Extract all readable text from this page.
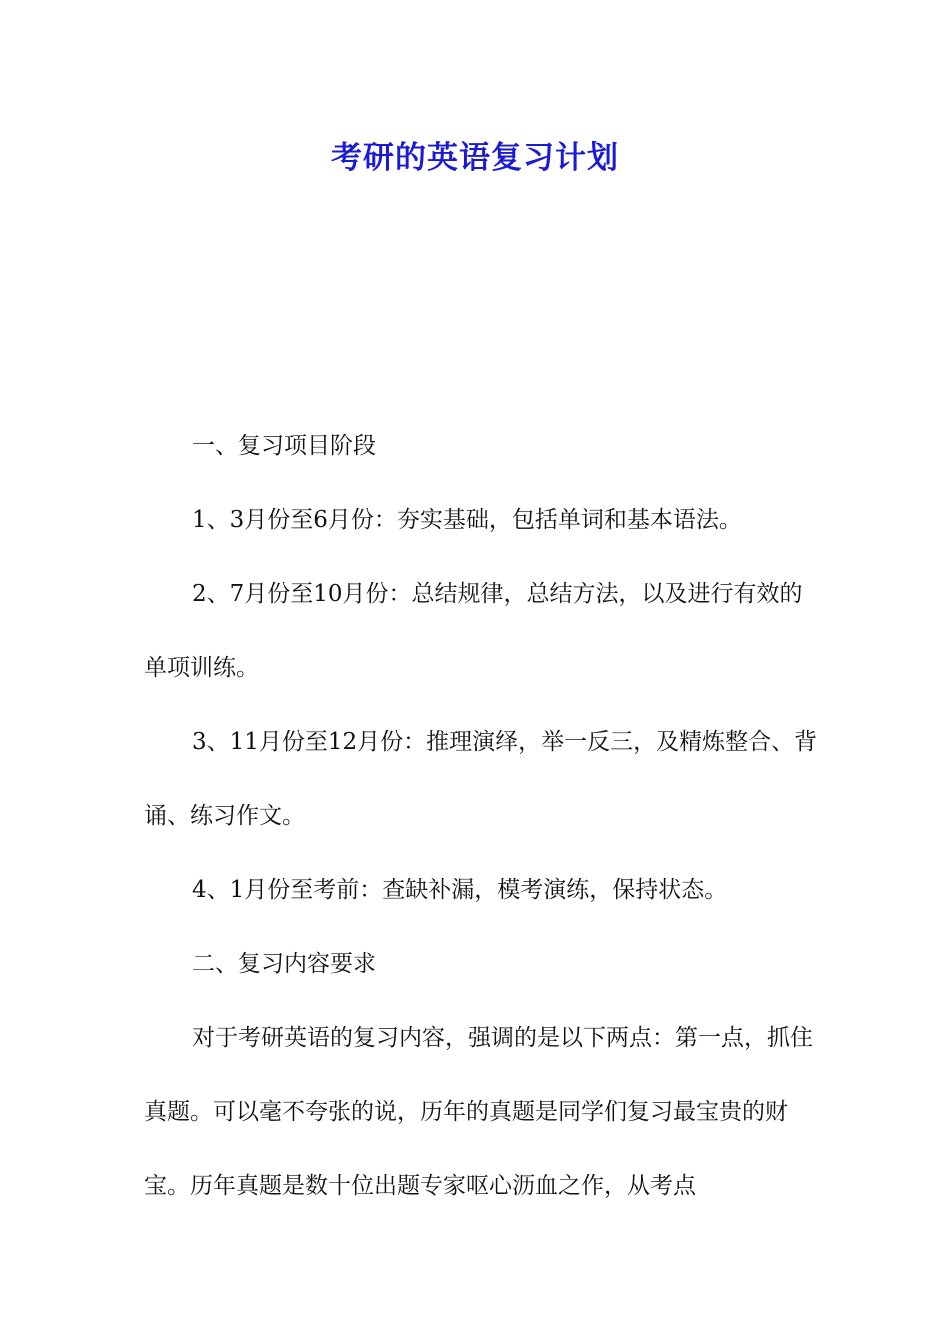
考研的英语复习计划

一、复习项目阶段

1、3月份至6月份：夯实基础，包括单词和基本语法。

2、7月份至10月份：总结规律，总结方法，以及进行有效的单项训练。

3、11月份至12月份：推理演绎，举一反三，及精炼整合、背诵、练习作文。

4、1月份至考前：查缺补漏，模考演练，保持状态。

二、复习内容要求

对于考研英语的复习内容，强调的是以下两点：第一点，抓住真题。可以毫不夸张的说，历年的真题是同学们复习最宝贵的财宝。历年真题是数十位出题专家呕心沥血之作，从考点
